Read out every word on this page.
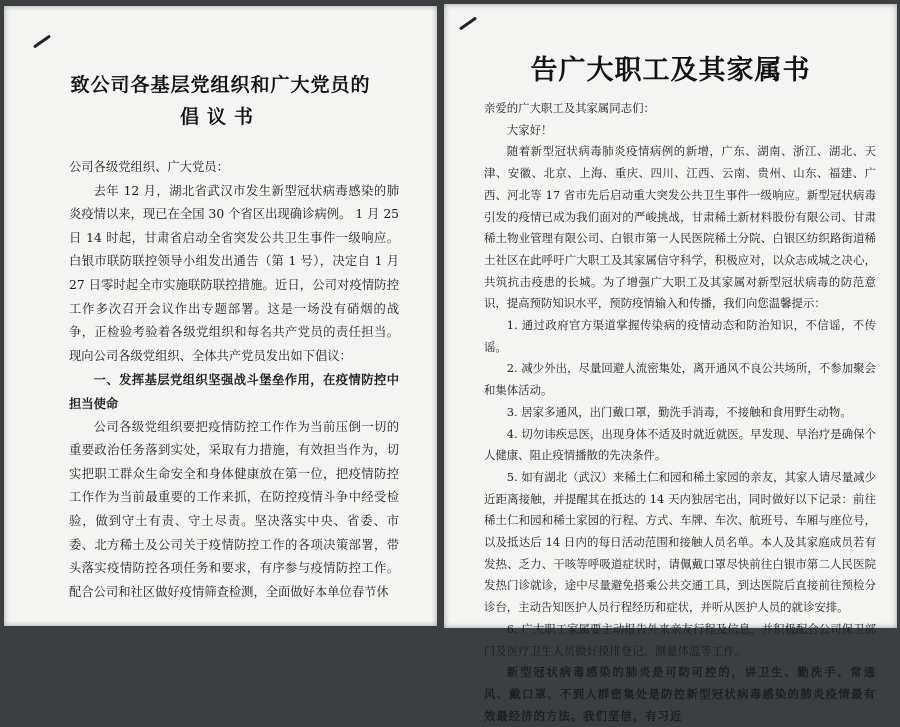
致公司各基层党组织和广大党员的
倡议书

公司各级党组织、广大党员：

去年 12 月，湖北省武汉市发生新型冠状病毒感染的肺炎疫情以来，现已在全国 30 个省区出现确诊病例。 1 月 25 日 14 时起，甘肃省启动全省突发公共卫生事件一级响应。白银市联防联控领导小组发出通告（第 1 号），决定自 1 月 27 日零时起全市实施联防联控措施。近日，公司对疫情防控工作多次召开会议作出专题部署。这是一场没有硝烟的战争，正检验考验着各级党组织和每名共产党员的责任担当。现向公司各级党组织、全体共产党员发出如下倡议：

一、发挥基层党组织坚强战斗堡垒作用，在疫情防控中担当使命

公司各级党组织要把疫情防控工作作为当前压倒一切的重要政治任务落到实处，采取有力措施，有效担当作为，切实把职工群众生命安全和身体健康放在第一位，把疫情防控工作作为当前最重要的工作来抓，在防控疫情斗争中经受检验，做到守土有责、守土尽责。坚决落实中央、省委、市委、北方稀土及公司关于疫情防控工作的各项决策部署，带头落实疫情防控各项任务和要求，有序参与疫情防控工作。配合公司和社区做好疫情筛查检测，全面做好本单位春节休

告广大职工及其家属书

亲爱的广大职工及其家属同志们：

大家好！

随着新型冠状病毒肺炎疫情病例的新增，广东、湖南、浙江、湖北、天津、安徽、北京、上海、重庆、四川、江西、云南、贵州、山东、福建、广西、河北等 17 省市先后启动重大突发公共卫生事件一级响应。新型冠状病毒引发的疫情已成为我们面对的严峻挑战，甘肃稀土新材料股份有限公司、甘肃稀土物业管理有限公司、白银市第一人民医院稀土分院、白银区纺织路街道稀土社区在此呼吁广大职工及其家属信守科学，积极应对，以众志成城之决心，共筑抗击疫患的长城。为了增强广大职工及其家属对新型冠状病毒的防范意识，提高预防知识水平，预防疫情输入和传播，我们向您温馨提示：

1. 通过政府官方渠道掌握传染病的疫情动态和防治知识，不信谣，不传谣。

2. 减少外出，尽量回避人流密集处，离开通风不良公共场所，不参加聚会和集体活动。

3. 居家多通风，出门戴口罩，勤洗手消毒，不接触和食用野生动物。

4. 切勿讳疾忌医，出现身体不适及时就近就医。早发现、早治疗是确保个人健康、阻止疫情播散的先决条件。

5. 如有湖北（武汉）来稀土仁和园和稀土家园的亲友，其家人请尽量减少近距离接触，并提醒其在抵达的 14 天内独居宅出，同时做好以下记录：前往稀土仁和园和稀土家园的行程、方式、车牌、车次、航班号、车厢与座位号，以及抵达后 14 日内的每日活动范围和接触人员名单。本人及其家庭成员若有发热、乏力、干咳等呼吸道症状时，请佩戴口罩尽快前往白银市第二人民医院发热门诊就诊，途中尽量避免搭乘公共交通工具，到达医院后直接前往预检分诊台，主动告知医护人员行程经历和症状，并听从医护人员的就诊安排。

6. 广大职工家属要主动报告外来亲友行程及信息，并积极配合公司保卫部门及医疗卫生人员做好摸排登记、测量体温等工作。

新型冠状病毒感染的肺炎是可防可控的，讲卫生、勤洗手、常通风、戴口罩、不到人群密集处是防控新型冠状病毒感染的肺炎疫情最有效最经济的方法。我们坚信，有习近
